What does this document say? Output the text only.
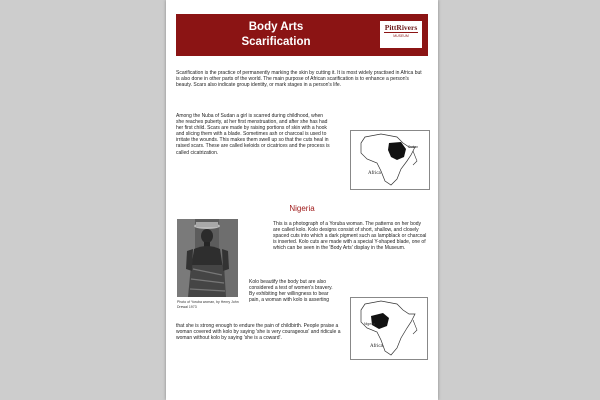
Body Arts
Scarification
PittRivers
MUSEUM
Scarification is the practice of permanently marking the skin by cutting it. It is most widely practised in Africa but is also done in other parts of the world. The main purpose of African scarification is to enhance a person's beauty. Scars also indicate group identity, or mark stages in a person's life.
Among the Nuba of Sudan a girl is scarred during childhood, when she reaches puberty, at her first menstruation, and after she has had her first child. Scars are made by raising portions of skin with a hook and slicing them with a blade. Sometimes ash or charcoal is used to irritate the wounds. This makes them swell up so that the cuts heal in raised scars. These are called keloids or cicatrices and the process is called cicatrization.
Sudan
Africa
Nigeria
Photo of Yoruba woman, by Henry John Drewal 1973
This is a photograph of a Yoruba woman. The patterns on her body are called kolo. Kolo designs consist of short, shallow, and closely spaced cuts into which a dark pigment such as lampblack or charcoal is inserted. Kolo cuts are made with a special Y-shaped blade, one of which can be seen in the 'Body Arts' display in the Museum.
Kolo beautify the body but are also considered a test of women's bravery. By exhibiting her willingness to bear pain, a woman with kolo is asserting
that she is strong enough to endure the pain of childbirth. People praise a woman covered with kolo by saying 'she is very courageous' and ridicule a woman without kolo by saying 'she is a coward'.
Nigeria
Africa
